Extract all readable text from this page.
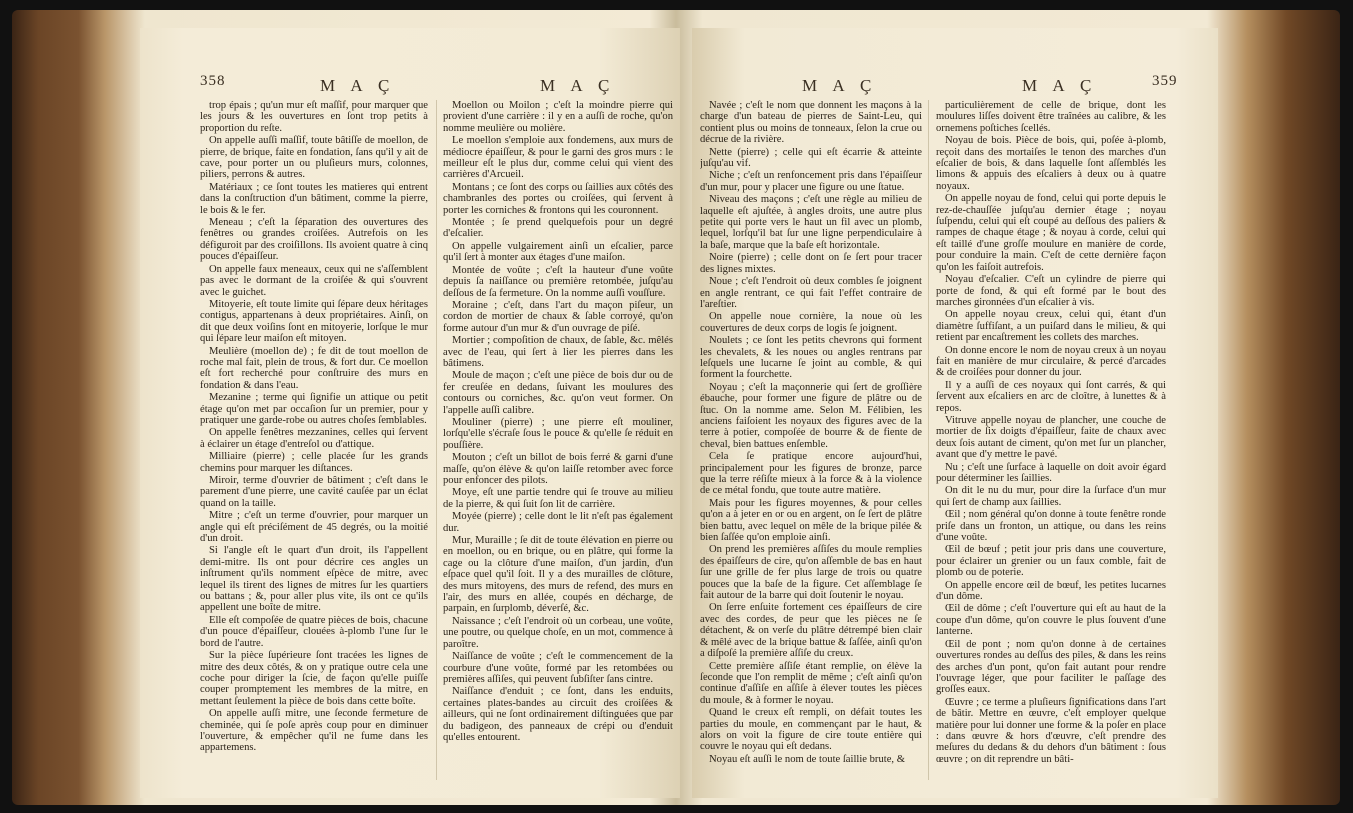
358	M A Ç	M A Ç

trop épais ; qu'un mur eſt maſſif, pour marquer que les jours & les ouvertures en ſont trop petits à proportion du reſte.

On appelle auſſi maſſif, toute bâtiſſe de moellon, de pierre, de brique, faite en fondation, ſans qu'il y ait de cave, pour porter un ou pluſieurs murs, colonnes, piliers, perrons & autres.

Matériaux ; ce ſont toutes les matieres qui entrent dans la conſtruction d'un bâtiment, comme la pierre, le bois & le fer.

Meneau ; c'eſt la ſéparation des ouvertures des fenêtres ou grandes croiſées. Autrefois on les défiguroit par des croiſillons. Ils avoient quatre à cinq pouces d'épaiſſeur.

On appelle faux meneaux, ceux qui ne s'aſſemblent pas avec le dormant de la croiſée & qui s'ouvrent avec le guichet.

Mitoyerie, eſt toute limite qui ſépare deux héritages contigus, appartenans à deux propriétaires. Ainſi, on dit que deux voiſins ſont en mitoyerie, lorſque le mur qui ſépare leur maiſon eſt mitoyen.

Meulière (moellon de) ; fe dit de tout moellon de roche mal fait, plein de trous, & fort dur. Ce moellon eſt fort recherché pour conſtruire des murs en fondation & dans l'eau.

Mezanine ; terme qui ſignifie un attique ou petit étage qu'on met par occaſion ſur un premier, pour y pratiquer une garde-robe ou autres choſes ſemblables.

On appelle fenêtres mezzanines, celles qui ſervent à éclairer un étage d'entreſol ou d'attique.

Milliaire (pierre) ; celle placée ſur les grands chemins pour marquer les diſtances.

Miroir, terme d'ouvrier de bâtiment ; c'eſt dans le parement d'une pierre, une cavité cauſée par un éclat quand on la taille.

Mitre ; c'eſt un terme d'ouvrier, pour marquer un angle qui eſt préciſément de 45 degrés, ou la moitié d'un droit.

Si l'angle eſt le quart d'un droit, ils l'appellent demi-mitre. Ils ont pour décrire ces angles un inſtrument qu'ils nomment eſpèce de mitre, avec lequel ils tirent des lignes de mitres ſur les quartiers ou battans ; &, pour aller plus vite, ils ont ce qu'ils appellent une boîte de mitre.

Elle eſt compoſée de quatre pièces de bois, chacune d'un pouce d'épaiſſeur, clouées à-plomb l'une ſur le bord de l'autre.

Sur la pièce ſupérieure ſont tracées les lignes de mitre des deux côtés, & on y pratique outre cela une coche pour diriger la ſcie, de façon qu'elle puiſſe couper promptement les membres de la mitre, en mettant ſeulement la pièce de bois dans cette boîte.

On appelle auſſi mitre, une ſeconde fermeture de cheminée, qui ſe poſe après coup pour en diminuer l'ouverture, & empêcher qu'il ne fume dans les appartemens.

Moellon ou Moilon ; c'eſt la moindre pierre qui provient d'une carrière : il y en a auſſi de roche, qu'on nomme meulière ou molière.

Le moellon s'emploie aux fondemens, aux murs de médiocre épaiſſeur, & pour le garni des gros murs : le meilleur eſt le plus dur, comme celui qui vient des carrières d'Arcueil.

Montans ; ce ſont des corps ou ſaillies aux côtés des chambranles des portes ou croiſées, qui ſervent à porter les corniches & frontons qui les couronnent.

Montée ; ſe prend quelquefois pour un degré d'eſcalier.

On appelle vulgairement ainſi un eſcalier, parce qu'il ſert à monter aux étages d'une maiſon.

Montée de voûte ; c'eſt la hauteur d'une voûte depuis ſa naiſſance ou première retombée, juſqu'au deſſous de ſa fermeture. On la nomme auſſi vouſſure.

Moraine ; c'eſt, dans l'art du maçon piſeur, un cordon de mortier de chaux & ſable corroyé, qu'on forme autour d'un mur & d'un ouvrage de piſé.

Mortier ; compoſition de chaux, de ſable, &c. mêlés avec de l'eau, qui ſert à lier les pierres dans les bâtimens.

Moule de maçon ; c'eſt une pièce de bois dur ou de fer creuſée en dedans, ſuivant les moulures des contours ou corniches, &c. qu'on veut former. On l'appelle auſſi calibre.

Mouliner (pierre) ; une pierre eſt mouliner, lorſqu'elle s'écraſe ſous le pouce & qu'elle ſe réduit en pouſſière.

Mouton ; c'eſt un billot de bois ferré & garni d'une maſſe, qu'on élève & qu'on laiſſe retomber avec force pour enfoncer des pilots.

Moye, eſt une partie tendre qui ſe trouve au milieu de la pierre, & qui ſuit ſon lit de carrière.

Moyée (pierre) ; celle dont le lit n'eſt pas également dur.

Mur, Muraille ; ſe dit de toute élévation en pierre ou en moellon, ou en brique, ou en plâtre, qui forme la cage ou la clôture d'une maiſon, d'un jardin, d'un eſpace quel qu'il ſoit. Il y a des murailles de clôture, des murs mitoyens, des murs de refend, des murs en l'air, des murs en allée, coupés en décharge, de parpain, en ſurplomb, déverſé, &c.

Naissance ; c'eſt l'endroit où un corbeau, une voûte, une poutre, ou quelque choſe, en un mot, commence à paroître.

Naiſſance de voûte ; c'eſt le commencement de la courbure d'une voûte, formé par les retombées ou premières aſſiſes, qui peuvent ſubſiſter ſans cintre.

Naiſſance d'enduit ; ce ſont, dans les enduits, certaines plates-bandes au circuit des croiſées & ailleurs, qui ne ſont ordinairement diſtinguées que par du badigeon, des panneaux de crépi ou d'enduit qu'elles entourent.

M A Ç	M A Ç	359

Navée ; c'eſt le nom que donnent les maçons à la charge d'un bateau de pierres de Saint-Leu, qui contient plus ou moins de tonneaux, ſelon la crue ou décrue de la rivière.

Nette (pierre) ; celle qui eſt écarrie & atteinte juſqu'au vif.

Niche ; c'eſt un renfoncement pris dans l'épaiſſeur d'un mur, pour y placer une figure ou une ſtatue.

Niveau des maçons ; c'eſt une règle au milieu de laquelle eſt ajuſtée, à angles droits, une autre plus petite qui porte vers le haut un fil avec un plomb, lequel, lorſqu'il bat ſur une ligne perpendiculaire à la baſe, marque que la baſe eſt horizontale.

Noire (pierre) ; celle dont on ſe ſert pour tracer des lignes mixtes.

Noue ; c'eſt l'endroit où deux combles ſe joignent en angle rentrant, ce qui fait l'effet contraire de l'areſtier.

On appelle noue cornière, la noue où les couvertures de deux corps de logis ſe joignent.

Noulets ; ce ſont les petits chevrons qui forment les chevalets, & les noues ou angles rentrans par leſquels une lucarne ſe joint au comble, & qui forment la fourchette.

Noyau ; c'eſt la maçonnerie qui ſert de groſſière ébauche, pour former une figure de plâtre ou de ſtuc. On la nomme ame. Selon M. Félibien, les anciens faiſoient les noyaux des figures avec de la terre à potier, compoſée de bourre & de fiente de cheval, bien battues enſemble.

Cela ſe pratique encore aujourd'hui, principalement pour les figures de bronze, parce que la terre réſiſte mieux à la force & à la violence de ce métal fondu, que toute autre matière.

Mais pour les figures moyennes, & pour celles qu'on a à jeter en or ou en argent, on ſe ſert de plâtre bien battu, avec lequel on mêle de la brique pilée & bien ſaſſée qu'on emploie ainſi.

On prend les premières aſſiſes du moule remplies des épaiſſeurs de cire, qu'on aſſemble de bas en haut ſur une grille de fer plus large de trois ou quatre pouces que la baſe de la figure. Cet aſſemblage ſe fait autour de la barre qui doit ſoutenir le noyau.

On ſerre enſuite fortement ces épaiſſeurs de cire avec des cordes, de peur que les pièces ne ſe détachent, & on verſe du plâtre détrempé bien clair & mêlé avec de la brique battue & ſaſſée, ainſi qu'on a diſpoſé la première aſſiſe du creux.

Cette première aſſiſe étant remplie, on élève la ſeconde que l'on remplit de même ; c'eſt ainſi qu'on continue d'aſſiſe en aſſiſe à élever toutes les pièces du moule, & à former le noyau.

Quand le creux eſt rempli, on défait toutes les parties du moule, en commençant par le haut, & alors on voit la figure de cire toute entière qui couvre le noyau qui eſt dedans.

Noyau eſt auſſi le nom de toute ſaillie brute, &

particulièrement de celle de brique, dont les moulures liſſes doivent être traînées au calibre, & les ornemens poſtiches ſcellés.

Noyau de bois. Pièce de bois, qui, poſée à-plomb, reçoit dans des mortaiſes le tenon des marches d'un eſcalier de bois, & dans laquelle ſont aſſemblés les limons & appuis des eſcaliers à deux ou à quatre noyaux.

On appelle noyau de fond, celui qui porte depuis le rez-de-chauſſée juſqu'au dernier étage ; noyau ſuſpendu, celui qui eſt coupé au deſſous des paliers & rampes de chaque étage ; & noyau à corde, celui qui eſt taillé d'une groſſe moulure en manière de corde, pour conduire la main. C'eſt de cette dernière façon qu'on les faiſoit autrefois.

Noyau d'eſcalier. C'eſt un cylindre de pierre qui porte de fond, & qui eſt formé par le bout des marches gironnées d'un eſcalier à vis.

On appelle noyau creux, celui qui, étant d'un diamètre ſuffiſant, a un puiſard dans le milieu, & qui retient par encaſtrement les collets des marches.

On donne encore le nom de noyau creux à un noyau fait en manière de mur circulaire, & percé d'arcades & de croiſées pour donner du jour.

Il y a auſſi de ces noyaux qui ſont carrés, & qui ſervent aux eſcaliers en arc de cloître, à lunettes & à repos.

Vitruve appelle noyau de plancher, une couche de mortier de ſix doigts d'épaiſſeur, faite de chaux avec deux ſois autant de ciment, qu'on met ſur un plancher, avant que d'y mettre le pavé.

Nu ; c'eſt une ſurface à laquelle on doit avoir égard pour déterminer les ſaillies.

On dit le nu du mur, pour dire la ſurface d'un mur qui ſert de champ aux ſaillies.

Œil ; nom général qu'on donne à toute fenêtre ronde priſe dans un fronton, un attique, ou dans les reins d'une voûte.

Œil de bœuf ; petit jour pris dans une couverture, pour éclairer un grenier ou un faux comble, fait de plomb ou de poterie.

On appelle encore œil de bœuf, les petites lucarnes d'un dôme.

Œil de dôme ; c'eſt l'ouverture qui eſt au haut de la coupe d'un dôme, qu'on couvre le plus ſouvent d'une lanterne.

Œil de pont ; nom qu'on donne à de certaines ouvertures rondes au deſſus des piles, & dans les reins des arches d'un pont, qu'on fait autant pour rendre l'ouvrage léger, que pour faciliter le paſſage des groſſes eaux.

Œuvre ; ce terme a pluſieurs ſignifications dans l'art de bâtir. Mettre en œuvre, c'eſt employer quelque matière pour lui donner une forme & la poſer en place : dans œuvre & hors d'œuvre, c'eſt prendre des meſures du dedans & du dehors d'un bâtiment : ſous œuvre ; on dit reprendre un bâti-
